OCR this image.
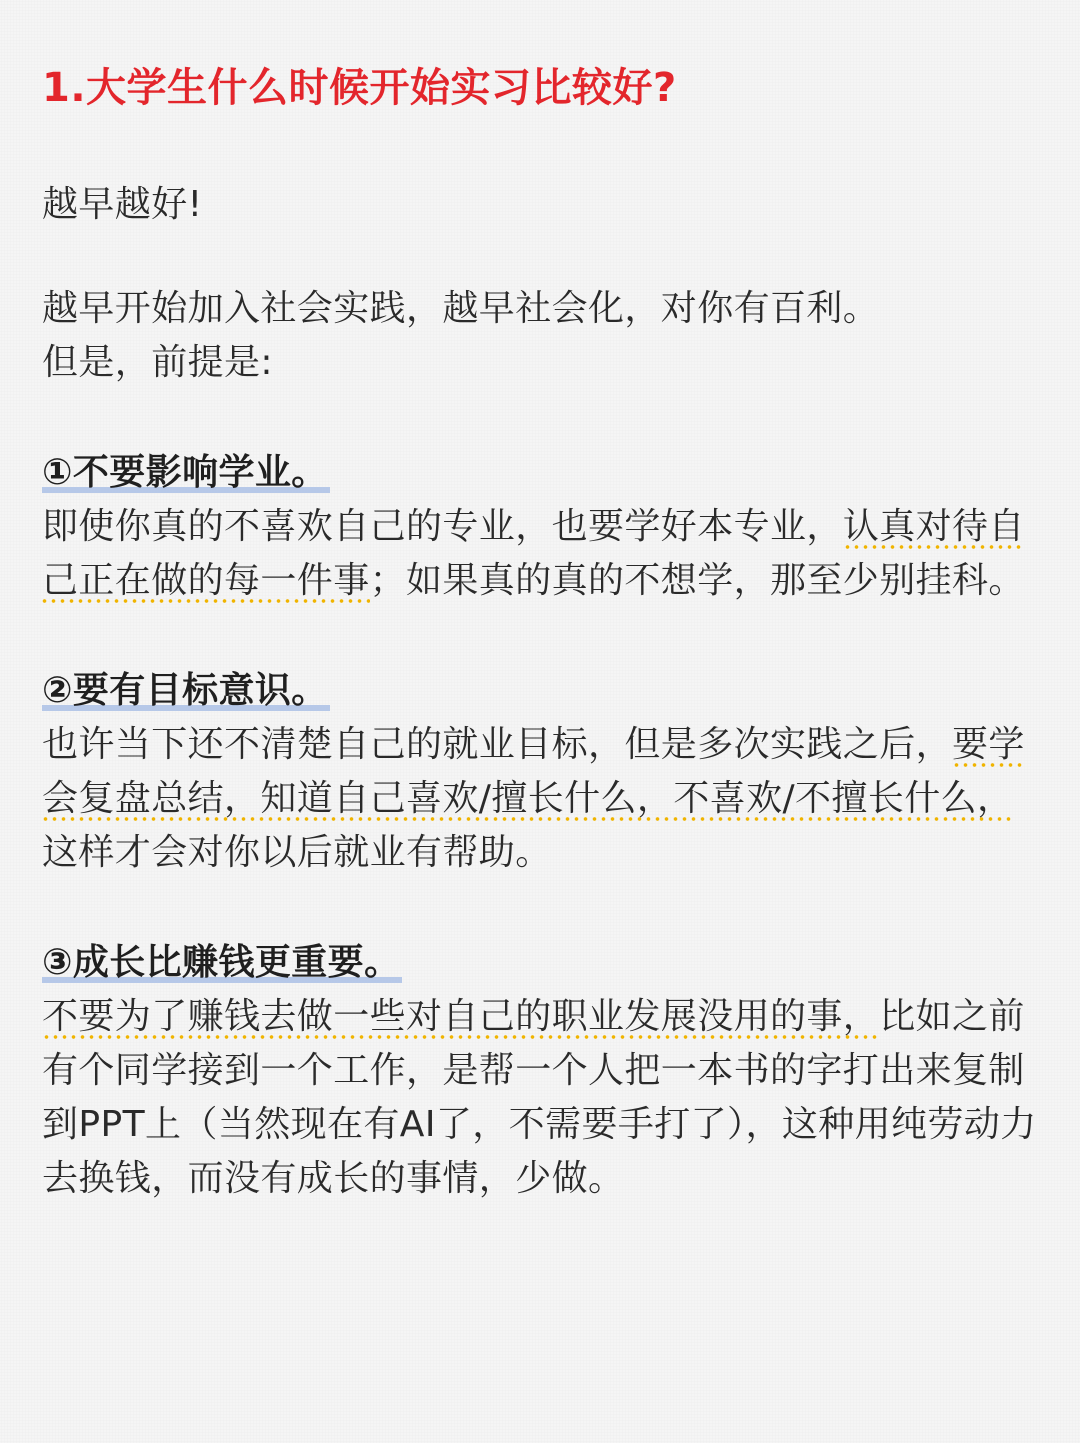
1.大学生什么时候开始实习比较好?

越早越好!

越早开始加入社会实践，越早社会化，对你有百利。
但是，前提是:
①不要影响学业。

即使你真的不喜欢自己的专业，也要学好本专业，认真对待自己正在做的每一件事；如果真的真的不想学，那至少别挂科。

②要有目标意识。

也许当下还不清楚自己的就业目标，但是多次实践之后，要学会复盘总结，知道自己喜欢/擅长什么，不喜欢/不擅长什么，这样才会对你以后就业有帮助。

③成长比赚钱更重要。

不要为了赚钱去做一些对自己的职业发展没用的事，比如之前有个同学接到一个工作，是帮一个人把一本书的字打出来复制到PPT上（当然现在有AI了，不需要手打了），这种用纯劳动力去换钱，而没有成长的事情，少做。
